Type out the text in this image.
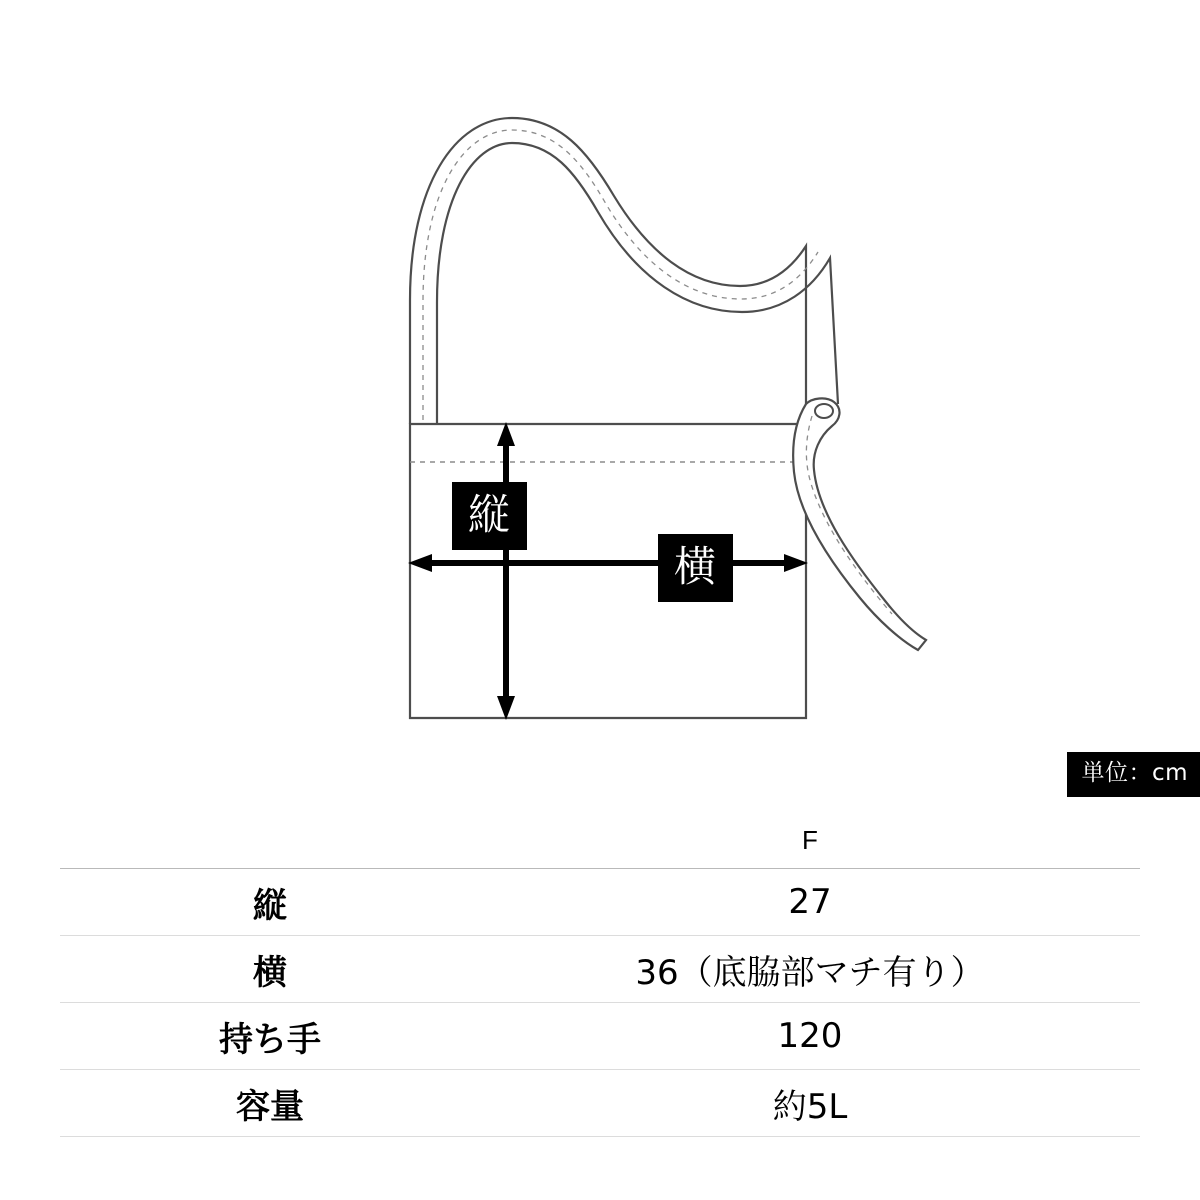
縦
横
単位：cm
	F
縦	27
横	36（底脇部マチ有り）
持ち手	120
容量	約5L
